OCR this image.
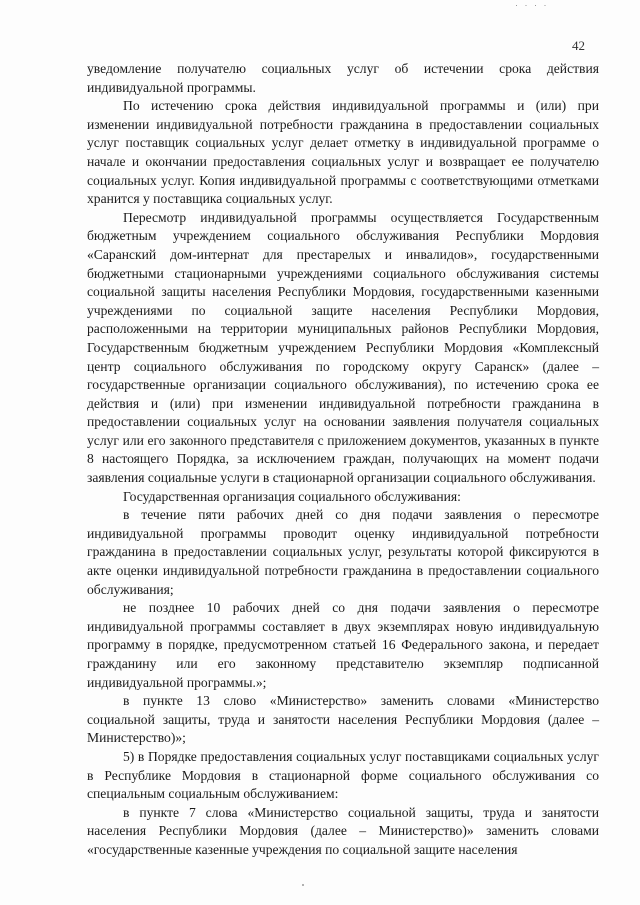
· · · ·
42

уведомление получателю социальных услуг об истечении срока действия индивидуальной программы.

По истечению срока действия индивидуальной программы и (или) при изменении индивидуальной потребности гражданина в предоставлении социальных услуг поставщик социальных услуг делает отметку в индивидуальной программе о начале и окончании предоставления социальных услуг и возвращает ее получателю социальных услуг. Копия индивидуальной программы с соответствующими отметками хранится у поставщика социальных услуг.

Пересмотр индивидуальной программы осуществляется Государственным бюджетным учреждением социального обслуживания Республики Мордовия «Саранский дом-интернат для престарелых и инвалидов», государственными бюджетными стационарными учреждениями социального обслуживания системы социальной защиты населения Республики Мордовия, государственными казенными учреждениями по социальной защите населения Республики Мордовия, расположенными на территории муниципальных районов Республики Мордовия, Государственным бюджетным учреждением Республики Мордовия «Комплексный центр социального обслуживания по городскому округу Саранск» (далее – государственные организации социального обслуживания), по истечению срока ее действия и (или) при изменении индивидуальной потребности гражданина в предоставлении социальных услуг на основании заявления получателя социальных услуг или его законного представителя с приложением документов, указанных в пункте 8 настоящего Порядка, за исключением граждан, получающих на момент подачи заявления социальные услуги в стационарной организации социального обслуживания.

Государственная организация социального обслуживания:

в течение пяти рабочих дней со дня подачи заявления о пересмотре индивидуальной программы проводит оценку индивидуальной потребности гражданина в предоставлении социальных услуг, результаты которой фиксируются в акте оценки индивидуальной потребности гражданина в предоставлении социального обслуживания;

не позднее 10 рабочих дней со дня подачи заявления о пересмотре индивидуальной программы составляет в двух экземплярах новую индивидуальную программу в порядке, предусмотренном статьей 16 Федерального закона, и передает гражданину или его законному представителю экземпляр подписанной индивидуальной программы.»;

в пункте 13 слово «Министерство» заменить словами «Министерство социальной защиты, труда и занятости населения Республики Мордовия (далее – Министерство)»;

5) в Порядке предоставления социальных услуг поставщиками социальных услуг в Республике Мордовия в стационарной форме социального обслуживания со специальным социальным обслуживанием:

в пункте 7 слова «Министерство социальной защиты, труда и занятости населения Республики Мордовия (далее – Министерство)» заменить словами «государственные казенные учреждения по социальной защите населения
